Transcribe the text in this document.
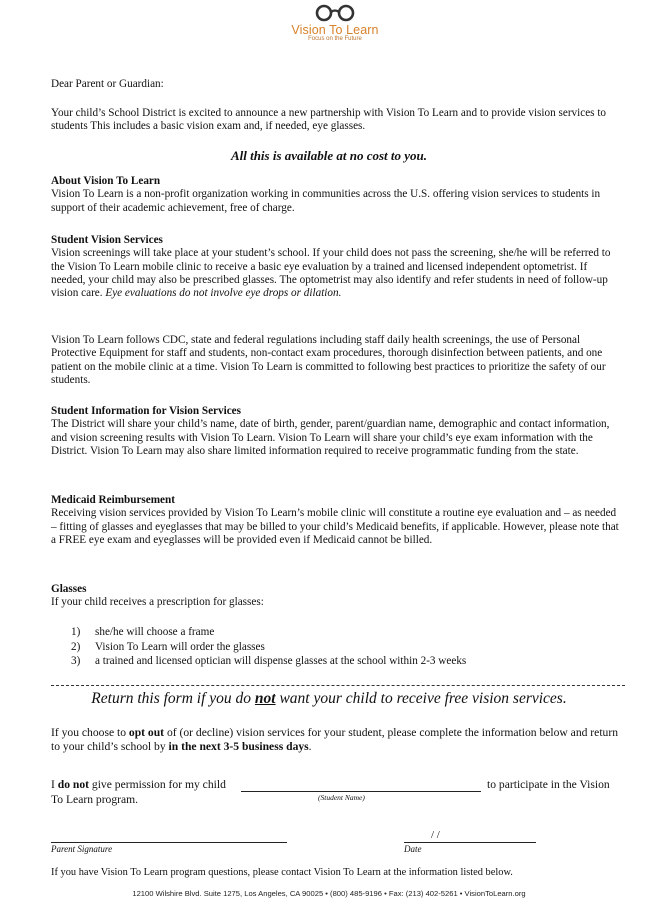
Vision To Learn
Focus on the Future
Dear Parent or Guardian:
Your child’s School District is excited to announce a new partnership with Vision To Learn and to provide vision services to students This includes a basic vision exam and, if needed, eye glasses.
All this is available at no cost to you.
About Vision To Learn
Vision To Learn is a non-profit organization working in communities across the U.S. offering vision services to students in support of their academic achievement, free of charge.
Student Vision Services
Vision screenings will take place at your student’s school. If your child does not pass the screening, she/he will be referred to the Vision To Learn mobile clinic to receive a basic eye evaluation by a trained and licensed independent optometrist. If needed, your child may also be prescribed glasses. The optometrist may also identify and refer students in need of follow-up vision care. Eye evaluations do not involve eye drops or dilation.
Vision To Learn follows CDC, state and federal regulations including staff daily health screenings, the use of Personal Protective Equipment for staff and students, non-contact exam procedures, thorough disinfection between patients, and one patient on the mobile clinic at a time. Vision To Learn is committed to following best practices to prioritize the safety of our students.
Student Information for Vision Services
The District will share your child’s name, date of birth, gender, parent/guardian name, demographic and contact information, and vision screening results with Vision To Learn. Vision To Learn will share your child’s eye exam information with the District. Vision To Learn may also share limited information required to receive programmatic funding from the state.
Medicaid Reimbursement
Receiving vision services provided by Vision To Learn’s mobile clinic will constitute a routine eye evaluation and – as needed – fitting of glasses and eyeglasses that may be billed to your child’s Medicaid benefits, if applicable. However, please note that a FREE eye exam and eyeglasses will be provided even if Medicaid cannot be billed.
Glasses
If your child receives a prescription for glasses:
1) she/he will choose a frame
2) Vision To Learn will order the glasses
3) a trained and licensed optician will dispense glasses at the school within 2-3 weeks
Return this form if you do not want your child to receive free vision services.
If you choose to opt out of (or decline) vision services for your student, please complete the information below and return to your child’s school by in the next 3-5 business days.
I do not give permission for my child
(Student Name)
to participate in the Vision
To Learn program.
Parent Signature
/ /
Date
If you have Vision To Learn program questions, please contact Vision To Learn at the information listed below.
12100 Wilshire Blvd. Suite 1275, Los Angeles, CA 90025 • (800) 485-9196 • Fax: (213) 402-5261 • VisionToLearn.org
